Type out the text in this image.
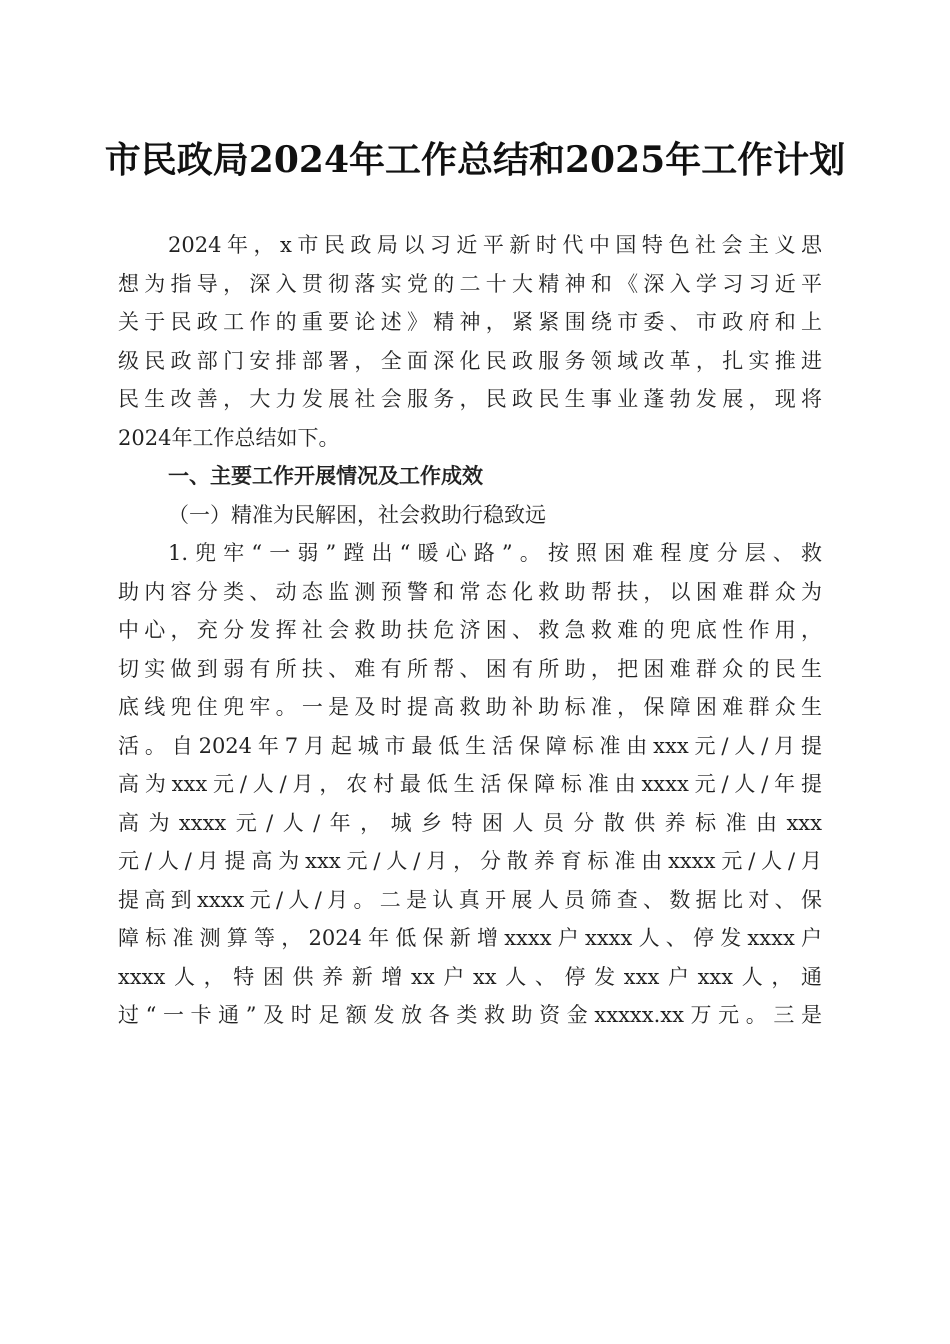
市民政局2024年工作总结和2025年工作计划
2024年，x市民政局以习近平新时代中国特色社会主义思
想为指导，深入贯彻落实党的二十大精神和《深入学习习近平
关于民政工作的重要论述》精神，紧紧围绕市委、市政府和上
级民政部门安排部署，全面深化民政服务领域改革，扎实推进
民生改善，大力发展社会服务，民政民生事业蓬勃发展，现将
2024年工作总结如下。
一、主要工作开展情况及工作成效
（一）精准为民解困，社会救助行稳致远
1.兜牢“一弱”蹚出“暖心路”。按照困难程度分层、救
助内容分类、动态监测预警和常态化救助帮扶，以困难群众为
中心，充分发挥社会救助扶危济困、救急救难的兜底性作用，
切实做到弱有所扶、难有所帮、困有所助，把困难群众的民生
底线兜住兜牢。一是及时提高救助补助标准，保障困难群众生
活。自2024年7月起城市最低生活保障标准由xxx元/人/月提
高为xxx元/人/月，农村最低生活保障标准由xxxx元/人/年提
高为xxxx元/人/年，城乡特困人员分散供养标准由xxx
元/人/月提高为xxx元/人/月，分散养育标准由xxxx元/人/月
提高到xxxx元/人/月。二是认真开展人员筛查、数据比对、保
障标准测算等，2024年低保新增xxxx户xxxx人、停发xxxx户
xxxx人，特困供养新增xx户xx人、停发xxx户xxx人，通
过“一卡通”及时足额发放各类救助资金xxxxx.xx万元。三是
